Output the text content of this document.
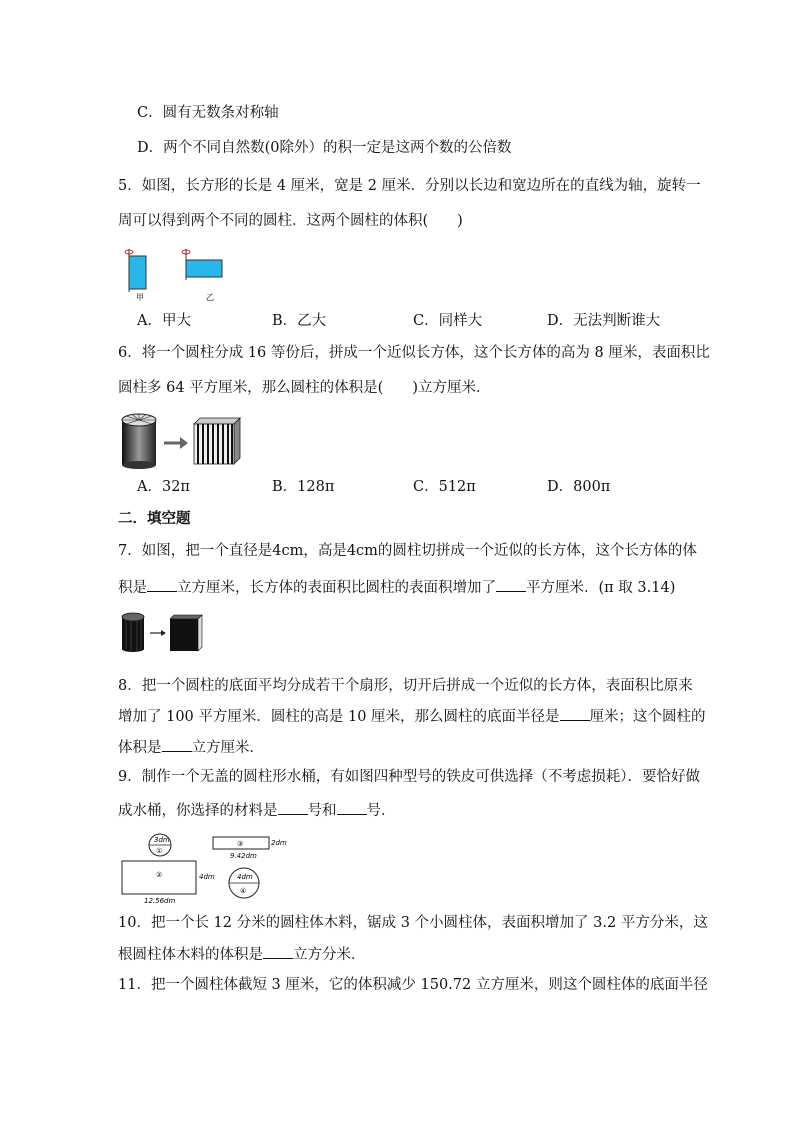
C．圆有无数条对称轴
D．两个不同自然数(0除外）的积一定是这两个数的公倍数
5．如图，长方形的长是 4 厘米，宽是 2 厘米．分别以长边和宽边所在的直线为轴，旋转一
周可以得到两个不同的圆柱．这两个圆柱的体积(　　)
甲	乙
A．甲大	B．乙大	C．同样大	D．无法判断谁大
6．将一个圆柱分成 16 等份后，拼成一个近似长方体，这个长方体的高为 8 厘米，表面积比
圆柱多 64 平方厘米，那么圆柱的体积是(　　)立方厘米．
A．32π	B．128π	C．512π	D．800π
二．填空题
7．如图，把一个直径是4cm，高是4cm的圆柱切拼成一个近似的长方体，这个长方体的体
积是 立方厘米，长方体的表面积比圆柱的表面积增加了 平方厘米．(π 取 3.14)
8．把一个圆柱的底面平均分成若干个扇形，切开后拼成一个近似的长方体，表面积比原来
增加了 100 平方厘米．圆柱的高是 10 厘米，那么圆柱的底面半径是 厘米；这个圆柱的
体积是 立方厘米．
9．制作一个无盖的圆柱形水桶，有如图四种型号的铁皮可供选择（不考虑损耗）．要恰好做
成水桶，你选择的材料是 号和 号．
3dm
①
②	4dm
12.56dm
③	2dm
9.42dm
4dm
④
10．把一个长 12 分米的圆柱体木料，锯成 3 个小圆柱体，表面积增加了 3.2 平方分米，这
根圆柱体木料的体积是 立方分米．
11．把一个圆柱体截短 3 厘米，它的体积减少 150.72 立方厘米，则这个圆柱体的底面半径
